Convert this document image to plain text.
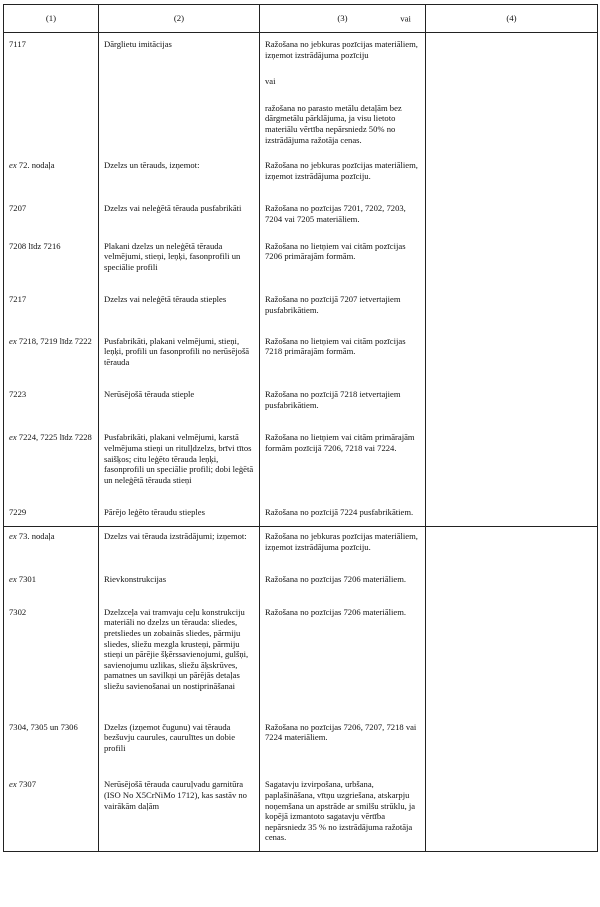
(1)	(2)	(3) vai	(4)
7117	Dārglietu imitācijas	Ražošana no jebkuras pozīcijas materiāliem, izņemot izstrādājuma pozīciju
vai
ražošana no parasto metālu detaļām bez dārgmetālu pārklājuma, ja visu lietoto materiālu vērtība nepārsniedz 50% no izstrādājuma ražotāja cenas.	

ex 72. nodaļa	Dzelzs un tērauds, izņemot:	Ražošana no jebkuras pozīcijas materiāliem, izņemot izstrādājuma pozīciju.	

7207	Dzelzs vai neleģētā tērauda pusfabrikāti	Ražošana no pozīcijas 7201, 7202, 7203, 7204 vai 7205 materiāliem.	

7208 līdz 7216	Plakani dzelzs un neleģētā tērauda velmējumi, stieņi, leņķi, fasonprofili un speciālie profili	Ražošana no lietņiem vai citām pozīcijas 7206 primārajām formām.	

7217	Dzelzs vai neleģētā tērauda stieples	Ražošana no pozīcijā 7207 ietvertajiem pusfabrikātiem.	

ex 7218, 7219 līdz 7222	Pusfabrikāti, plakani velmējumi, stieņi, leņķi, profili un fasonprofili no nerūsējošā tērauda	Ražošana no lietņiem vai citām pozīcijas 7218 primārajām formām.	

7223	Nerūsējošā tērauda stieple	Ražošana no pozīcijā 7218 ietvertajiem pusfabrikātiem.	

ex 7224, 7225 līdz 7228	Pusfabrikāti, plakani velmējumi, karstā velmējuma stieņi un ritulļdzelzs, brīvi tītos saišķos; citu leģēto tērauda leņķi, fasonprofili un speciālie profili; dobi leģētā un neleģētā tērauda stieņi	Ražošana no lietņiem vai citām primārajām formām pozīcijā 7206, 7218 vai 7224.	

7229	Pārējo leģēto tēraudu stieples	Ražošana no pozīcijā 7224 pusfabrikātiem.	

ex 73. nodaļa	Dzelzs vai tērauda izstrādājumi; izņemot:	Ražošana no jebkuras pozīcijas materiāliem, izņemot izstrādājuma pozīciju.	

ex 7301	Rievkonstrukcijas	Ražošana no pozīcijas 7206 materiāliem.	

7302	Dzelzceļa vai tramvaju ceļu konstrukciju materiāli no dzelzs un tērauda: sliedes, pretsliedes un zobainās sliedes, pārmiju sliedes, sliežu mezgla krusteņi, pārmiju stieņi un pārējie šķērssavienojumi, gulšņi, savienojumu uzlikas, sliežu āķskrūves, pamatnes un savilkņi un pārējās detaļas sliežu savienošanai un nostiprināšanai	Ražošana no pozīcijas 7206 materiāliem.	

7304, 7305 un 7306	Dzelzs (izņemot čugunu) vai tērauda bezšuvju caurules, caurulītes un dobie profili	Ražošana no pozīcijas 7206, 7207, 7218 vai 7224 materiāliem.	

ex 7307	Nerūsējošā tērauda cauruļvadu garnitūra (ISO No X5CrNiMo 1712), kas sastāv no vairākām daļām	Sagatavju izvirpošana, urbšana, paplašināšana, vītņu uzgriešana, atskarpju noņemšana un apstrāde ar smilšu strūklu, ja kopējā izmantoto sagatavju vērtība nepārsniedz 35 % no izstrādājuma ražotāja cenas.	
